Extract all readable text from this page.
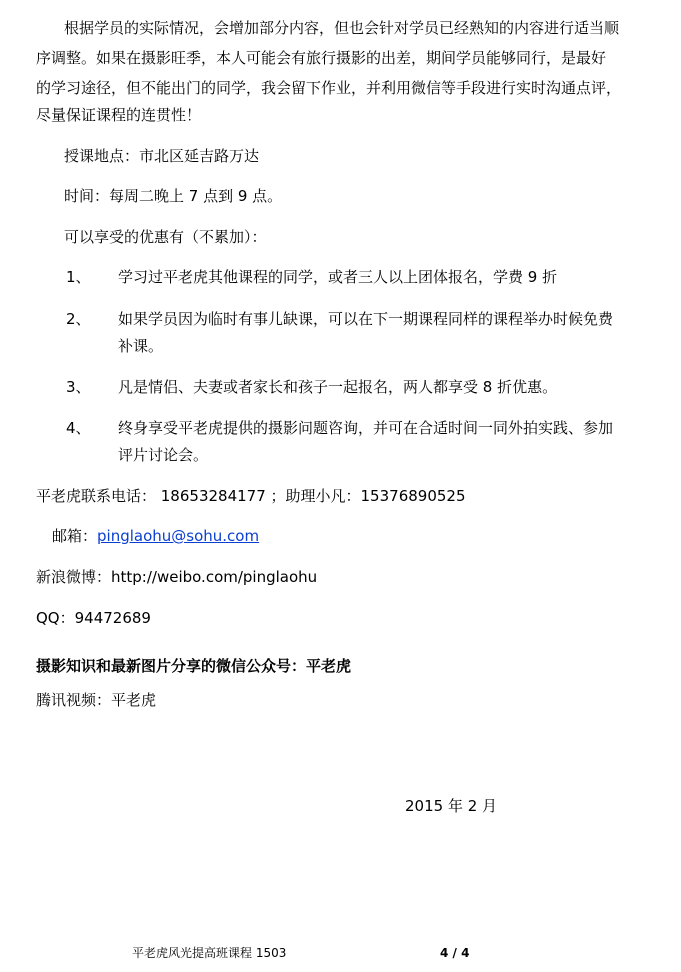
根据学员的实际情况，会增加部分内容，但也会针对学员已经熟知的内容进行适当顺
序调整。如果在摄影旺季，本人可能会有旅行摄影的出差，期间学员能够同行，是最好
的学习途径，但不能出门的同学，我会留下作业，并利用微信等手段进行实时沟通点评，
尽量保证课程的连贯性！
授课地点：市北区延吉路万达
时间：每周二晚上 7 点到 9 点。
可以享受的优惠有（不累加）：
1、 学习过平老虎其他课程的同学，或者三人以上团体报名，学费 9 折
2、 如果学员因为临时有事儿缺课，可以在下一期课程同样的课程举办时候免费
补课。
3、 凡是情侣、夫妻或者家长和孩子一起报名，两人都享受 8 折优惠。
4、 终身享受平老虎提供的摄影问题咨询，并可在合适时间一同外拍实践、参加
评片讨论会。
平老虎联系电话： 18653284177 ；助理小凡：15376890525
邮箱：pinglaohu@sohu.com
新浪微博：http://weibo.com/pinglaohu
QQ：94472689
摄影知识和最新图片分享的微信公众号：平老虎
腾讯视频：平老虎
2015 年 2 月
平老虎风光提高班课程 1503	4 / 4
